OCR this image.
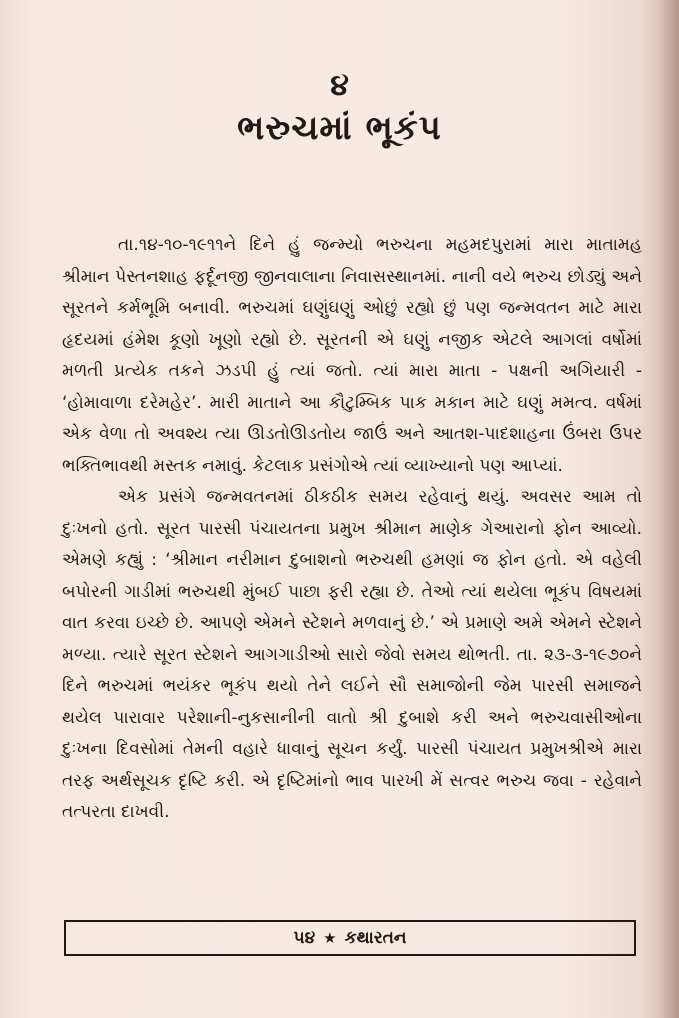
૪
ભરુચમાં ભૂકંપ

તા.૧૪-૧૦-૧૯૧૧ને દિને હું જન્મ્યો ભરુચના મહમદપુરામાં મારા માતામહ શ્રીમાન પેસ્તનશાહ ફર્દૂનજી જીનવાલાના નિવાસસ્થાનમાં. નાની વયે ભરુચ છોડ્યું અને સૂરતને કર્મભૂમિ બનાવી. ભરુચમાં ઘણુંઘણું ઓછું રહ્યો છું પણ જન્મવતન માટે મારા હૃદયમાં હંમેશ કૂણો ખૂણો રહ્યો છે. સૂરતની એ ઘણું નજીક એટલે આગલાં વર્ષોમાં મળતી પ્રત્યેક તકને ઝડપી હું ત્યાં જતો. ત્યાં મારા માતા - પક્ષની અગિયારી - ‘હોમાવાળા દરેમહેર’. મારી માતાને આ કૌટુમ્બિક પાક મકાન માટે ઘણું મમત્વ. વર્ષમાં એક વેળા તો અવશ્ય ત્યા ઊડતોઊડતોય જાઉં અને આતશ-પાદશાહના ઉંબરા ઉપર ભક્તિભાવથી મસ્તક નમાવું. કેટલાક પ્રસંગોએ ત્યાં વ્યાખ્યાનો પણ આપ્યાં.

એક પ્રસંગે જન્મવતનમાં ઠીકઠીક સમય રહેવાનું થયું. અવસર આમ તો દુઃખનો હતો. સૂરત પારસી પંચાયતના પ્રમુખ શ્રીમાન માણેક ગેઆરાનો ફોન આવ્યો. એમણે કહ્યું : ‘શ્રીમાન નરીમાન દુબાશનો ભરુચથી હમણાં જ ફોન હતો. એ વહેલી બપોરની ગાડીમાં ભરુચથી મુંબઈ પાછા ફરી રહ્યા છે. તેઓ ત્યાં થયેલા ભૂકંપ વિષયમાં વાત કરવા ઇચ્છે છે. આપણે એમને સ્ટેશને મળવાનું છે.’ એ પ્રમાણે અમે એમને સ્ટેશને મળ્યા. ત્યારે સૂરત સ્ટેશને આગગાડીઓ સારો જેવો સમય થોભતી. તા. ૨૩-૩-૧૯૭૦ને દિને ભરુચમાં ભયંકર ભૂકંપ થયો તેને લઈને સૌ સમાજોની જેમ પારસી સમાજને થયેલ પારાવાર પરેશાની-નુકસાનીની વાતો શ્રી દુબાશે કરી અને ભરુચવાસીઓના દુઃખના દિવસોમાં તેમની વહારે ધાવાનું સૂચન કર્યું. પારસી પંચાયત પ્રમુખશ્રીએ મારા તરફ અર્થસૂચક દૃષ્ટિ કરી. એ દૃષ્ટિમાંનો ભાવ પારખી મેં સત્વર ભરુચ જવા - રહેવાને તત્પરતા દાખવી.

૫૪ ★ કથારતન
